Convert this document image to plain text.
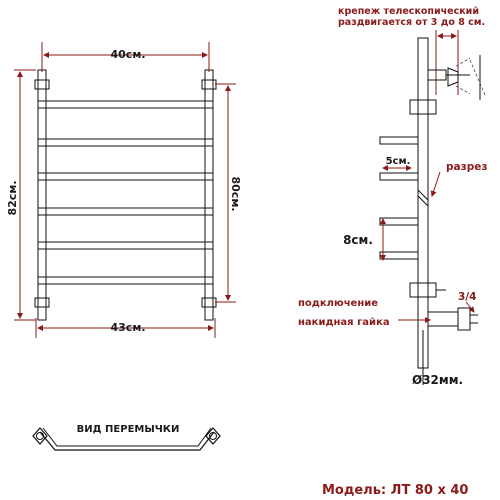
40см.
43см.
82см.	80см.
ВИД ПЕРЕМЫЧКИ
крепеж телескопический
раздвигается от 3 до 8 см.
5см.	разрез
8см.
3/4
подключение
накидная гайка
Ø32мм.
Модель: ЛТ 80 х 40
